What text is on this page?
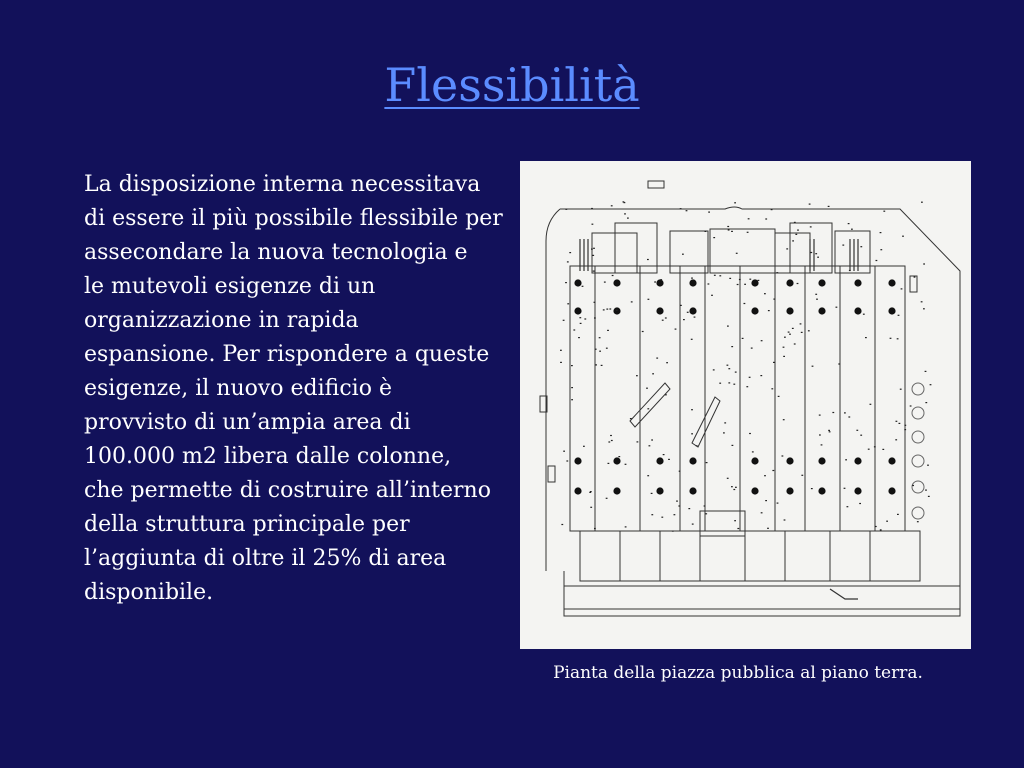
Flessibilità
La disposizione interna necessitava
di essere il più possibile flessibile per
assecondare la nuova tecnologia e
le mutevoli esigenze di un
organizzazione in rapida
espansione. Per rispondere a queste
esigenze, il nuovo edificio è
provvisto di un’ampia area di
100.000 m2 libera dalle colonne,
che permette di costruire all’interno
della struttura principale per
l’aggiunta di oltre il 25% di area
disponibile.

Pianta della piazza pubblica al piano terra.
